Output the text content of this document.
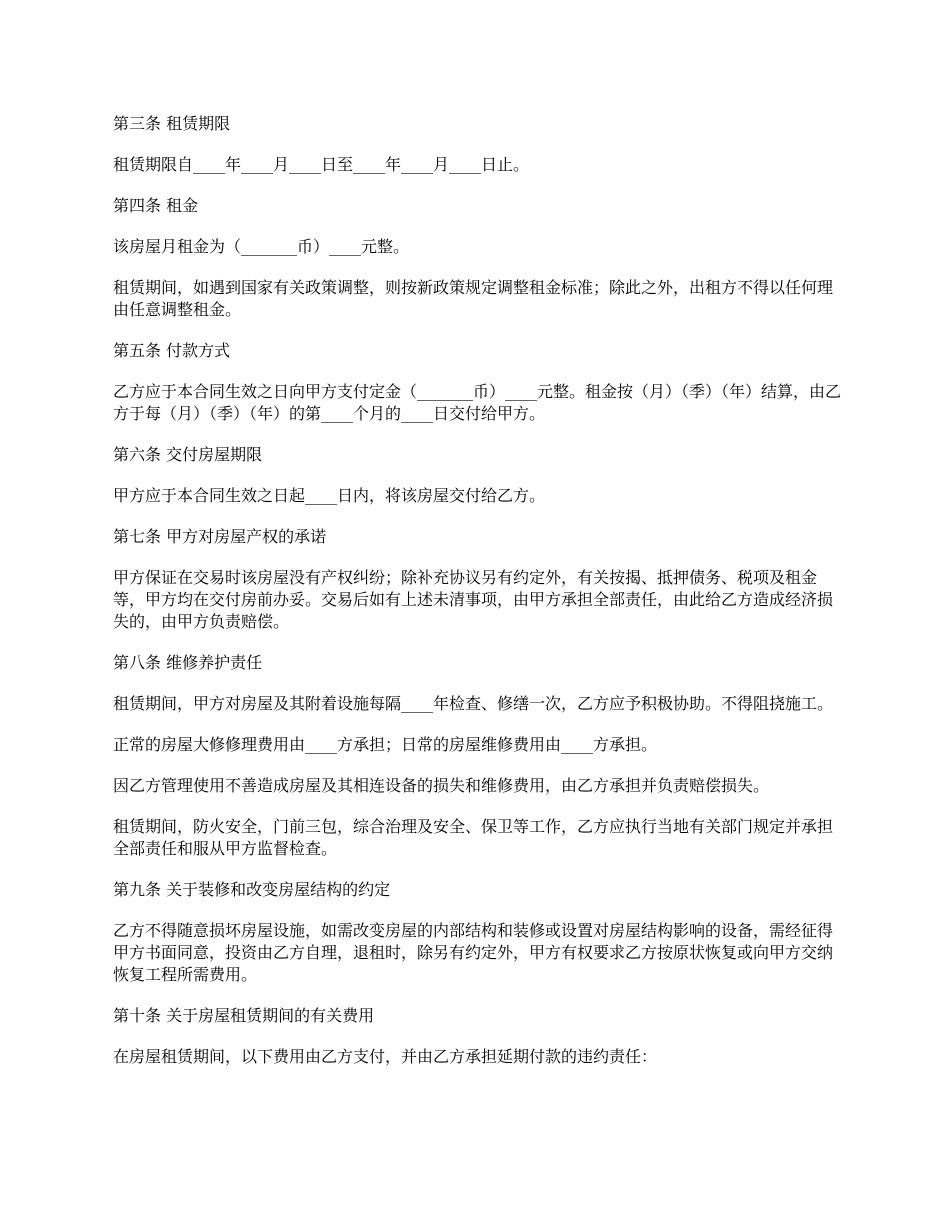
第三条 租赁期限

租赁期限自____年____月____日至____年____月____日止。

第四条 租金

该房屋月租金为（_______币）____元整。

租赁期间，如遇到国家有关政策调整，则按新政策规定调整租金标准；除此之外，出租方不得以任何理由任意调整租金。

第五条 付款方式

乙方应于本合同生效之日向甲方支付定金（_______币）____元整。租金按（月）（季）（年）结算，由乙方于每（月）（季）（年）的第____个月的____日交付给甲方。

第六条 交付房屋期限

甲方应于本合同生效之日起____日内，将该房屋交付给乙方。

第七条 甲方对房屋产权的承诺

甲方保证在交易时该房屋没有产权纠纷；除补充协议另有约定外，有关按揭、抵押债务、税项及租金等，甲方均在交付房前办妥。交易后如有上述未清事项，由甲方承担全部责任，由此给乙方造成经济损失的，由甲方负责赔偿。

第八条 维修养护责任

租赁期间，甲方对房屋及其附着设施每隔____年检查、修缮一次，乙方应予积极协助。不得阻挠施工。

正常的房屋大修修理费用由____方承担；日常的房屋维修费用由____方承担。

因乙方管理使用不善造成房屋及其相连设备的损失和维修费用，由乙方承担并负责赔偿损失。

租赁期间，防火安全，门前三包，综合治理及安全、保卫等工作，乙方应执行当地有关部门规定并承担全部责任和服从甲方监督检查。

第九条 关于装修和改变房屋结构的约定

乙方不得随意损坏房屋设施，如需改变房屋的内部结构和装修或设置对房屋结构影响的设备，需经征得甲方书面同意，投资由乙方自理，退租时，除另有约定外，甲方有权要求乙方按原状恢复或向甲方交纳恢复工程所需费用。

第十条 关于房屋租赁期间的有关费用

在房屋租赁期间，以下费用由乙方支付，并由乙方承担延期付款的违约责任：
